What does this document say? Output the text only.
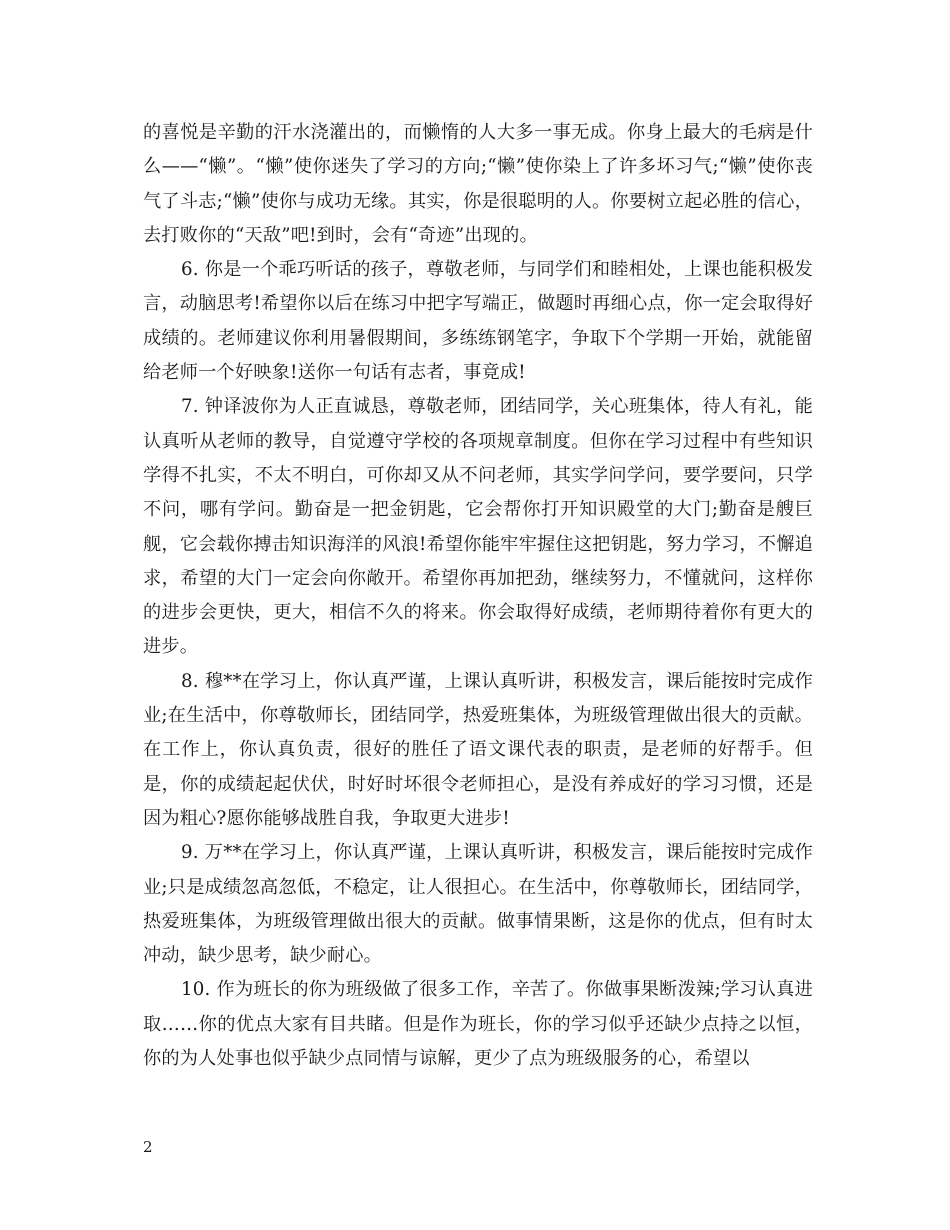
的喜悦是辛勤的汗水浇灌出的，而懒惰的人大多一事无成。你身上最大的毛病是什么——“懒”。“懒”使你迷失了学习的方向;“懒”使你染上了许多坏习气;“懒”使你丧气了斗志;“懒”使你与成功无缘。其实，你是很聪明的人。你要树立起必胜的信心，去打败你的“天敌”吧!到时，会有“奇迹”出现的。

6. 你是一个乖巧听话的孩子，尊敬老师，与同学们和睦相处，上课也能积极发言，动脑思考!希望你以后在练习中把字写端正，做题时再细心点，你一定会取得好成绩的。老师建议你利用暑假期间，多练练钢笔字，争取下个学期一开始，就能留给老师一个好映象!送你一句话有志者，事竟成!

7. 钟译波你为人正直诚恳，尊敬老师，团结同学，关心班集体，待人有礼，能认真听从老师的教导，自觉遵守学校的各项规章制度。但你在学习过程中有些知识学得不扎实，不太不明白，可你却又从不问老师，其实学问学问，要学要问，只学不问，哪有学问。勤奋是一把金钥匙，它会帮你打开知识殿堂的大门;勤奋是艘巨舰，它会载你搏击知识海洋的风浪!希望你能牢牢握住这把钥匙，努力学习，不懈追求，希望的大门一定会向你敞开。希望你再加把劲，继续努力，不懂就问，这样你的进步会更快，更大，相信不久的将来。你会取得好成绩，老师期待着你有更大的进步。

8. 穆**在学习上，你认真严谨，上课认真听讲，积极发言，课后能按时完成作业;在生活中，你尊敬师长，团结同学，热爱班集体，为班级管理做出很大的贡献。在工作上，你认真负责，很好的胜任了语文课代表的职责，是老师的好帮手。但是，你的成绩起起伏伏，时好时坏很令老师担心，是没有养成好的学习习惯，还是因为粗心?愿你能够战胜自我，争取更大进步!

9. 万**在学习上，你认真严谨，上课认真听讲，积极发言，课后能按时完成作业;只是成绩忽高忽低，不稳定，让人很担心。在生活中，你尊敬师长，团结同学，热爱班集体，为班级管理做出很大的贡献。做事情果断，这是你的优点，但有时太冲动，缺少思考，缺少耐心。

10. 作为班长的你为班级做了很多工作，辛苦了。你做事果断泼辣;学习认真进取……你的优点大家有目共睹。但是作为班长，你的学习似乎还缺少点持之以恒，你的为人处事也似乎缺少点同情与谅解，更少了点为班级服务的心，希望以

2
